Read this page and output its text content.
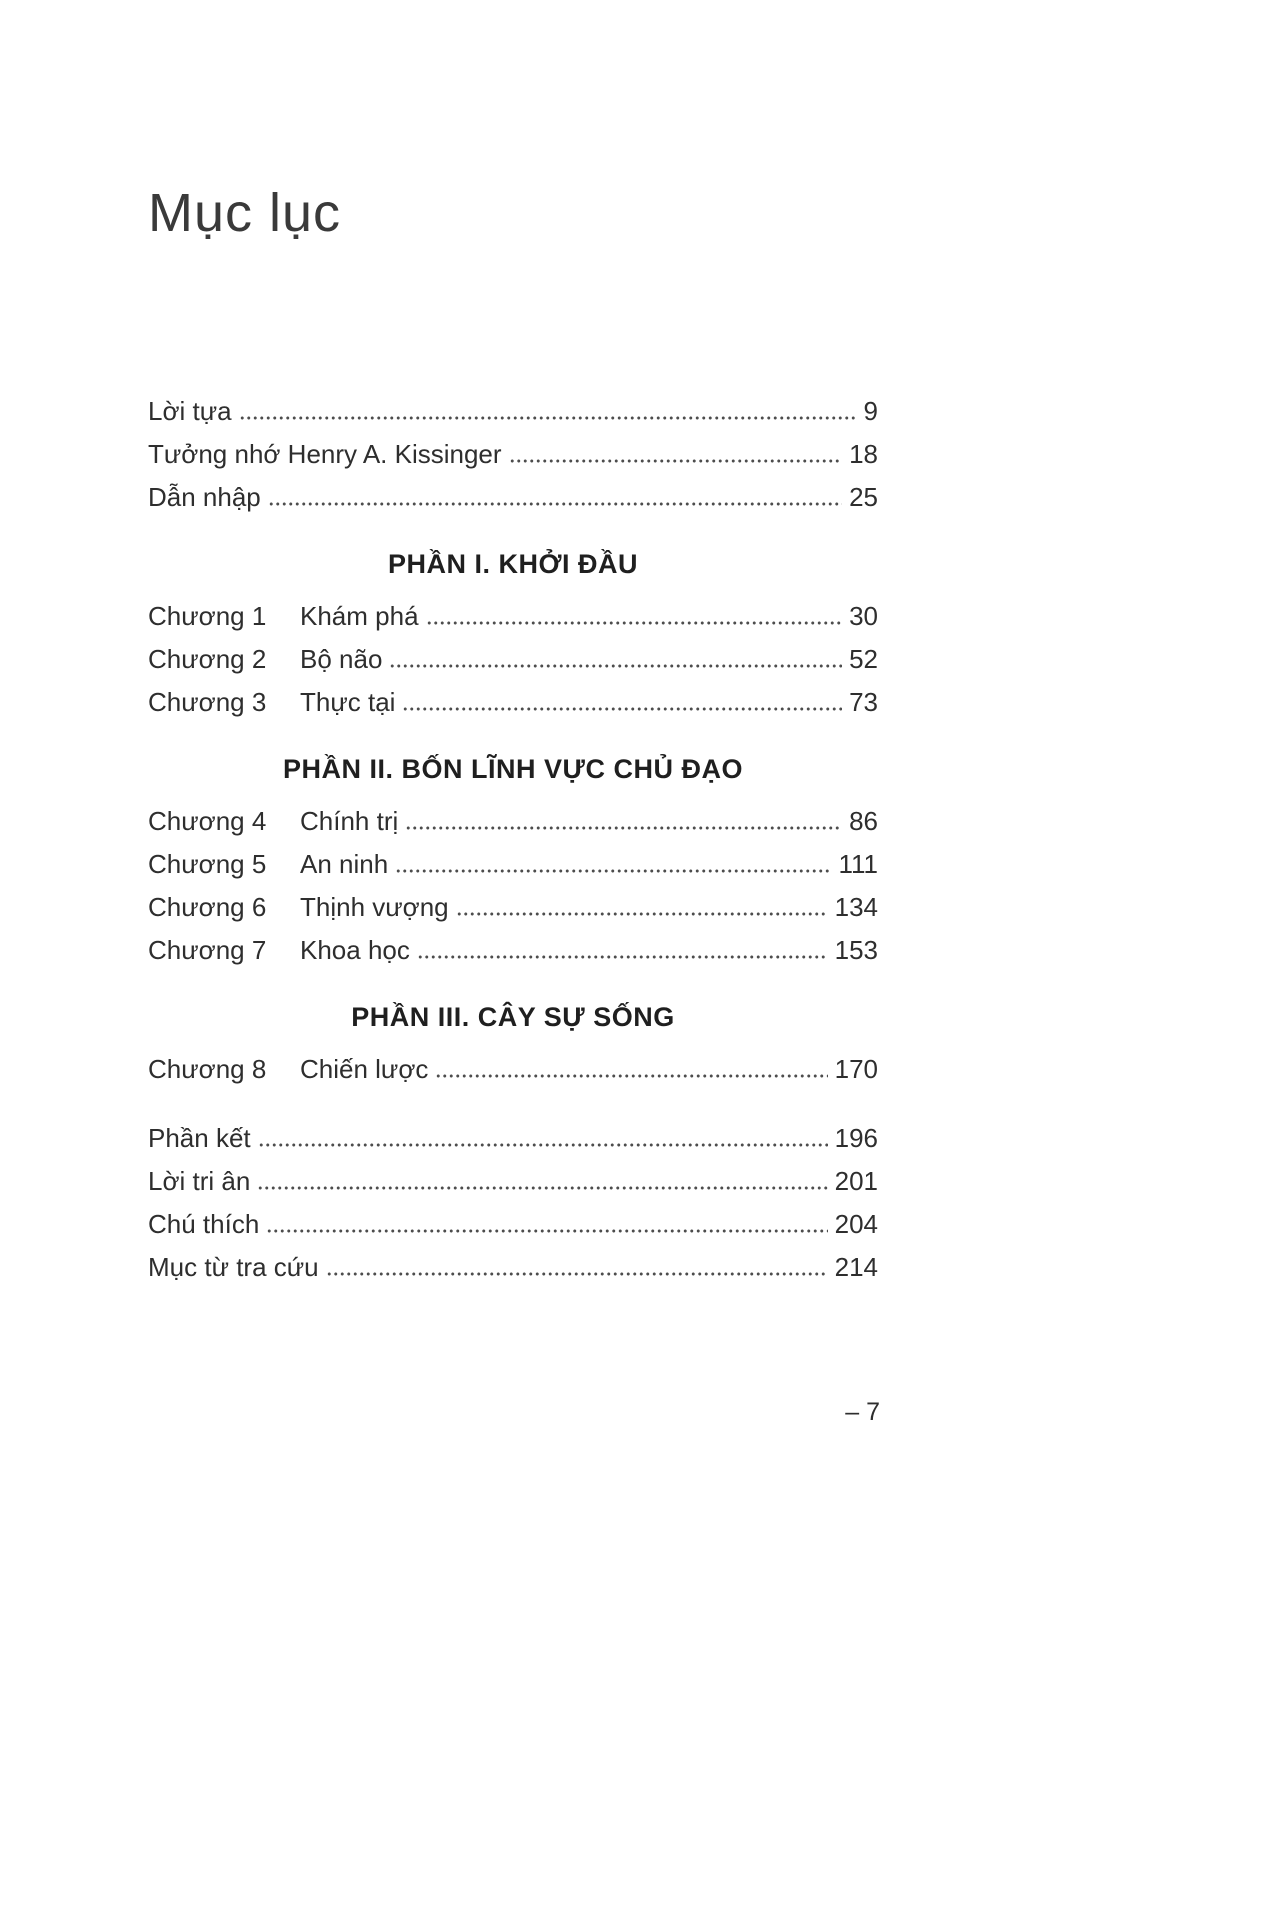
Mục lục
Lời tựa	9
Tưởng nhớ Henry A. Kissinger	18
Dẫn nhập	25
PHẦN I. KHỞI ĐẦU
Chương 1	Khám phá	30
Chương 2	Bộ não	52
Chương 3	Thực tại	73
PHẦN II. BỐN LĨNH VỰC CHỦ ĐẠO
Chương 4	Chính trị	86
Chương 5	An ninh	111
Chương 6	Thịnh vượng	134
Chương 7	Khoa học	153
PHẦN III. CÂY SỰ SỐNG
Chương 8	Chiến lược	170
Phần kết	196
Lời tri ân	201
Chú thích	204
Mục từ tra cứu	214
– 7
